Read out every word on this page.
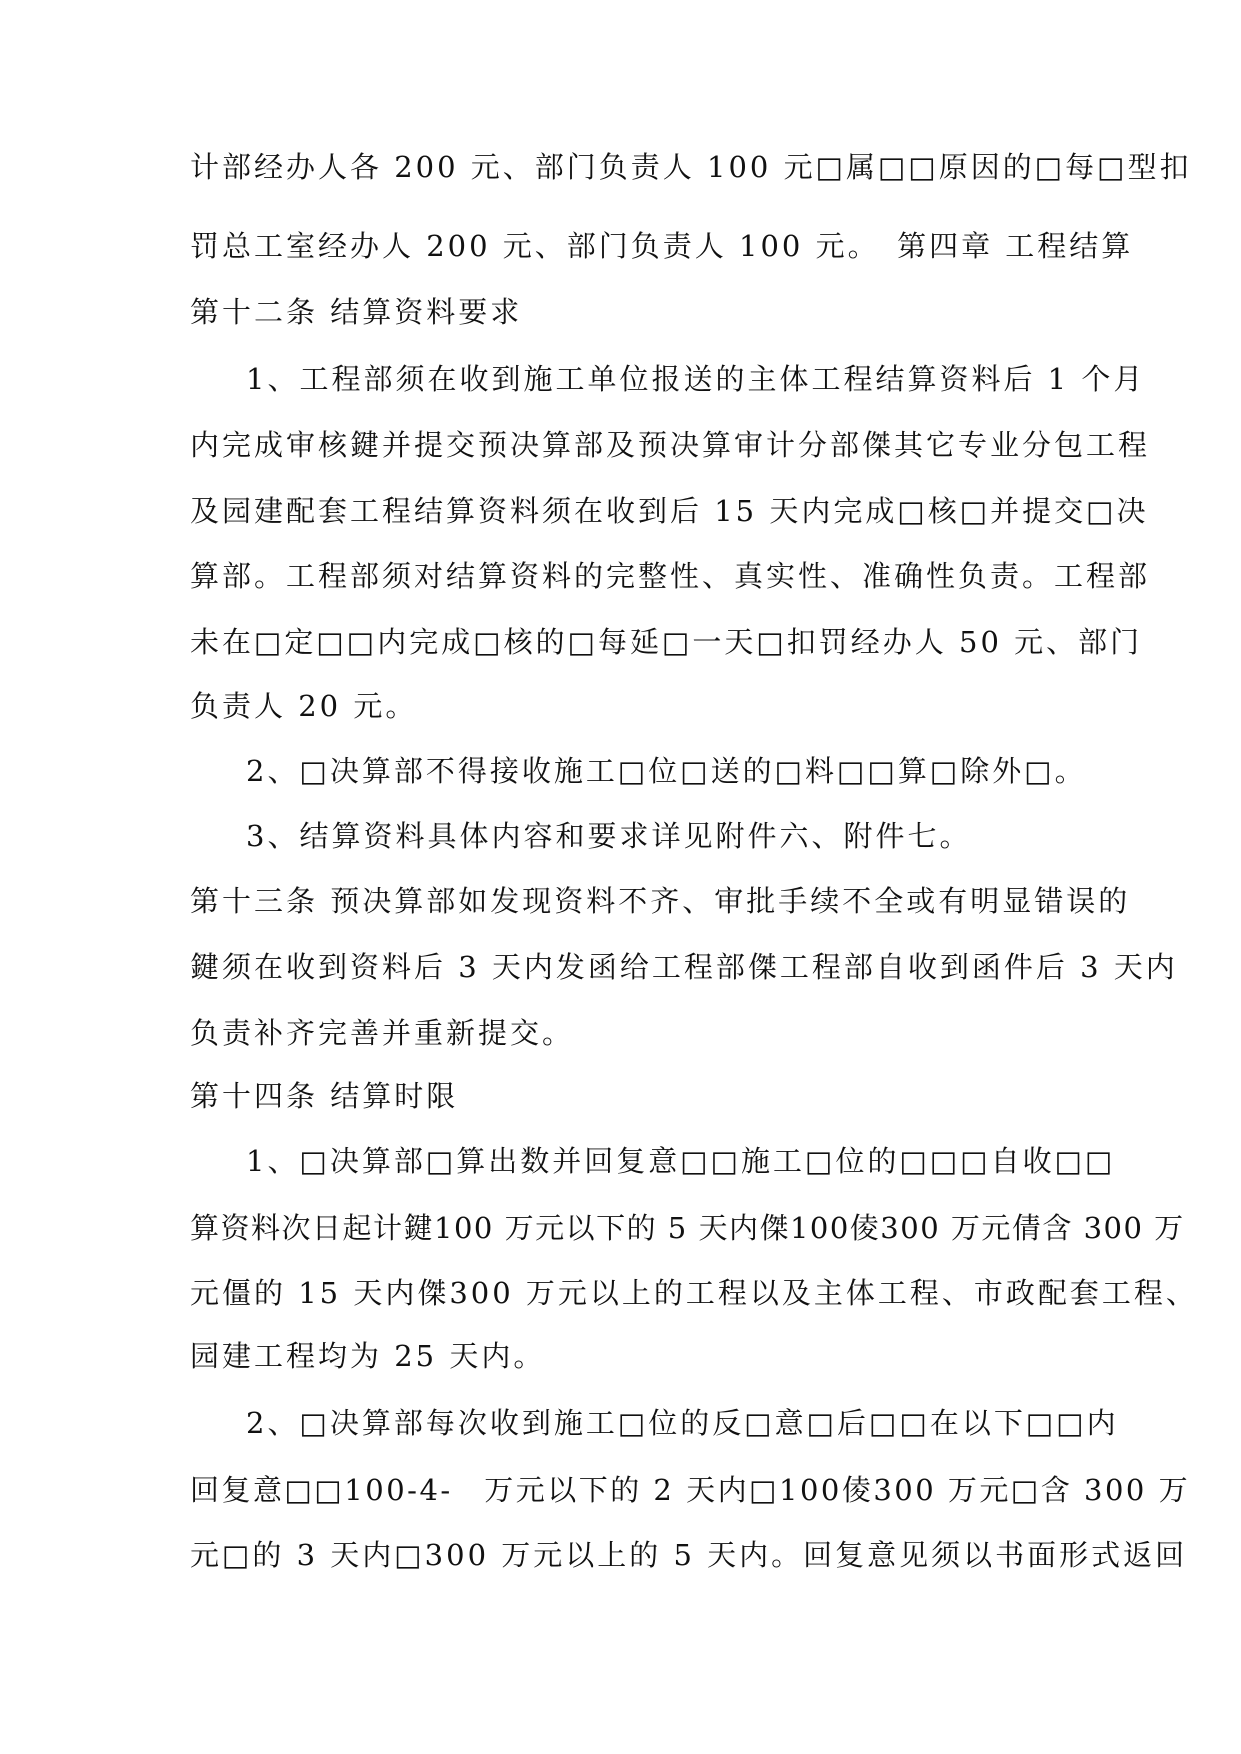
计部经办人各 200 元、部门负责人 100 元□属□□原因的□每□型扣
罚总工室经办人 200 元、部门负责人 100 元。　第四章 工程结算
第十二条 结算资料要求
1、工程部须在收到施工单位报送的主体工程结算资料后 1 个月
内完成审核鍵并提交预决算部及预决算审计分部傑其它专业分包工程
及园建配套工程结算资料须在收到后 15 天内完成□核□并提交□决
算部。工程部须对结算资料的完整性、真实性、准确性负责。工程部
未在□定□□内完成□核的□每延□一天□扣罚经办人 50 元、部门
负责人 20 元。
2、□决算部不得接收施工□位□送的□料□□算□除外□。
3、结算资料具体内容和要求详见附件六、附件七。
第十三条 预决算部如发现资料不齐、审批手续不全或有明显错误的
鍵须在收到资料后 3 天内发函给工程部傑工程部自收到函件后 3 天内
负责补齐完善并重新提交。
第十四条 结算时限
1、□决算部□算出数并回复意□□施工□位的□□□自收□□
算资料次日起计鍵100 万元以下的 5 天内傑100倰300 万元倩含 300 万
元僵的 15 天内傑300 万元以上的工程以及主体工程、市政配套工程、
园建工程均为 25 天内。
2、□决算部每次收到施工□位的反□意□后□□在以下□□内
回复意□□100-4-　万元以下的 2 天内□100倰300 万元□含 300 万
元□的 3 天内□300 万元以上的 5 天内。回复意见须以书面形式返回
